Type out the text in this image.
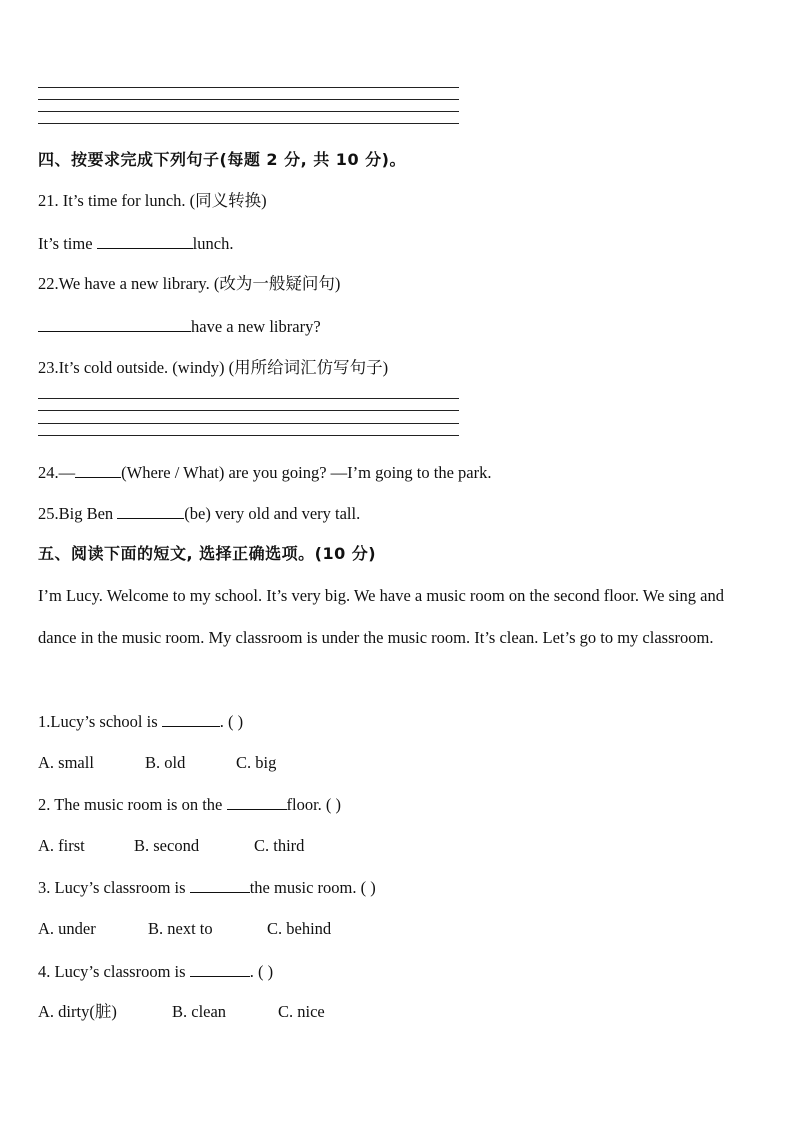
四、按要求完成下列句子(每题 2 分, 共 10 分)。
21. It’s time for lunch. (同义转换)
It’s time	lunch.
22.We have a new library. (改为一般疑问句)
have a new library?
23.It’s cold outside. (windy) (用所给词汇仿写句子)
24.—	(Where / What) are you going? —I’m going to the park.
25.Big Ben	(be) very old and very tall.
五、阅读下面的短文, 选择正确选项。(10 分)
I’m Lucy. Welcome to my school. It’s very big. We have a music room on the second floor. We sing and dance in the music room. My classroom is under the music room. It’s clean. Let’s go to my classroom.
1.Lucy’s school is	. ( )
A. small	B. old	C. big
2. The music room is on the	floor. ( )
A. first	B. second	C. third
3. Lucy’s classroom is	the music room. ( )
A. under	B. next to	C. behind
4. Lucy’s classroom is	. ( )
A. dirty(脏)	B. clean	C. nice
